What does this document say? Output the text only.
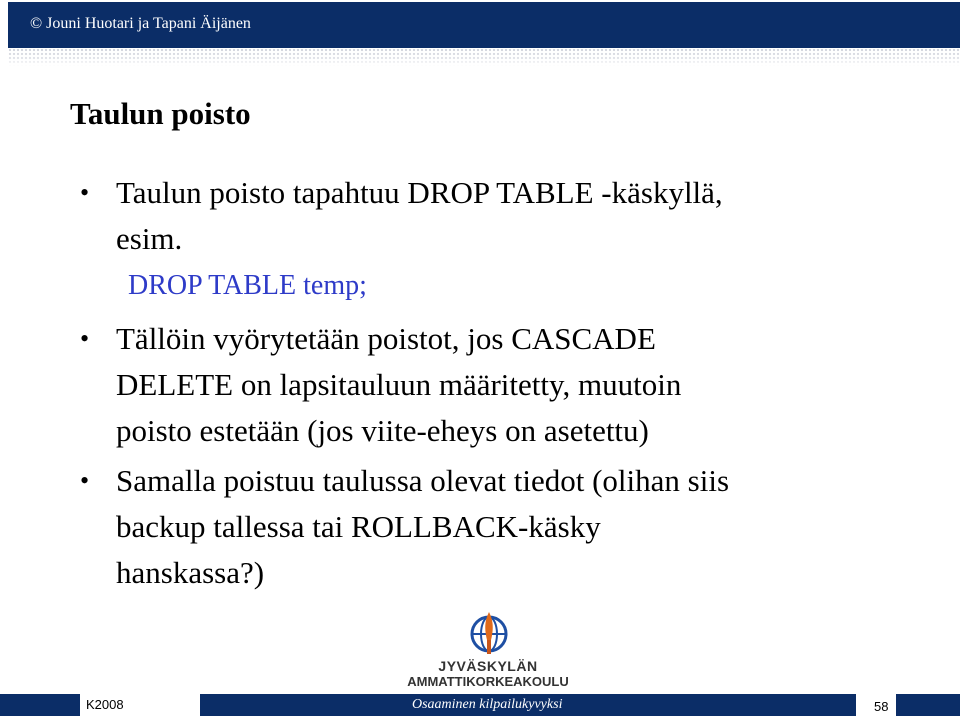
© Jouni Huotari ja Tapani Äijänen
Taulun poisto
• Taulun poisto tapahtuu DROP TABLE -käskyllä,
esim.
DROP TABLE temp;
• Tällöin vyörytetään poistot, jos CASCADE
DELETE on lapsitauluun määritetty, muutoin
poisto estetään (jos viite-eheys on asetettu)
• Samalla poistuu taulussa olevat tiedot (olihan siis
backup tallessa tai ROLLBACK-käsky
hanskassa?)
JYVÄSKYLÄN
AMMATTIKORKEAKOULU
K2008	Osaaminen kilpailukyvyksi	58
